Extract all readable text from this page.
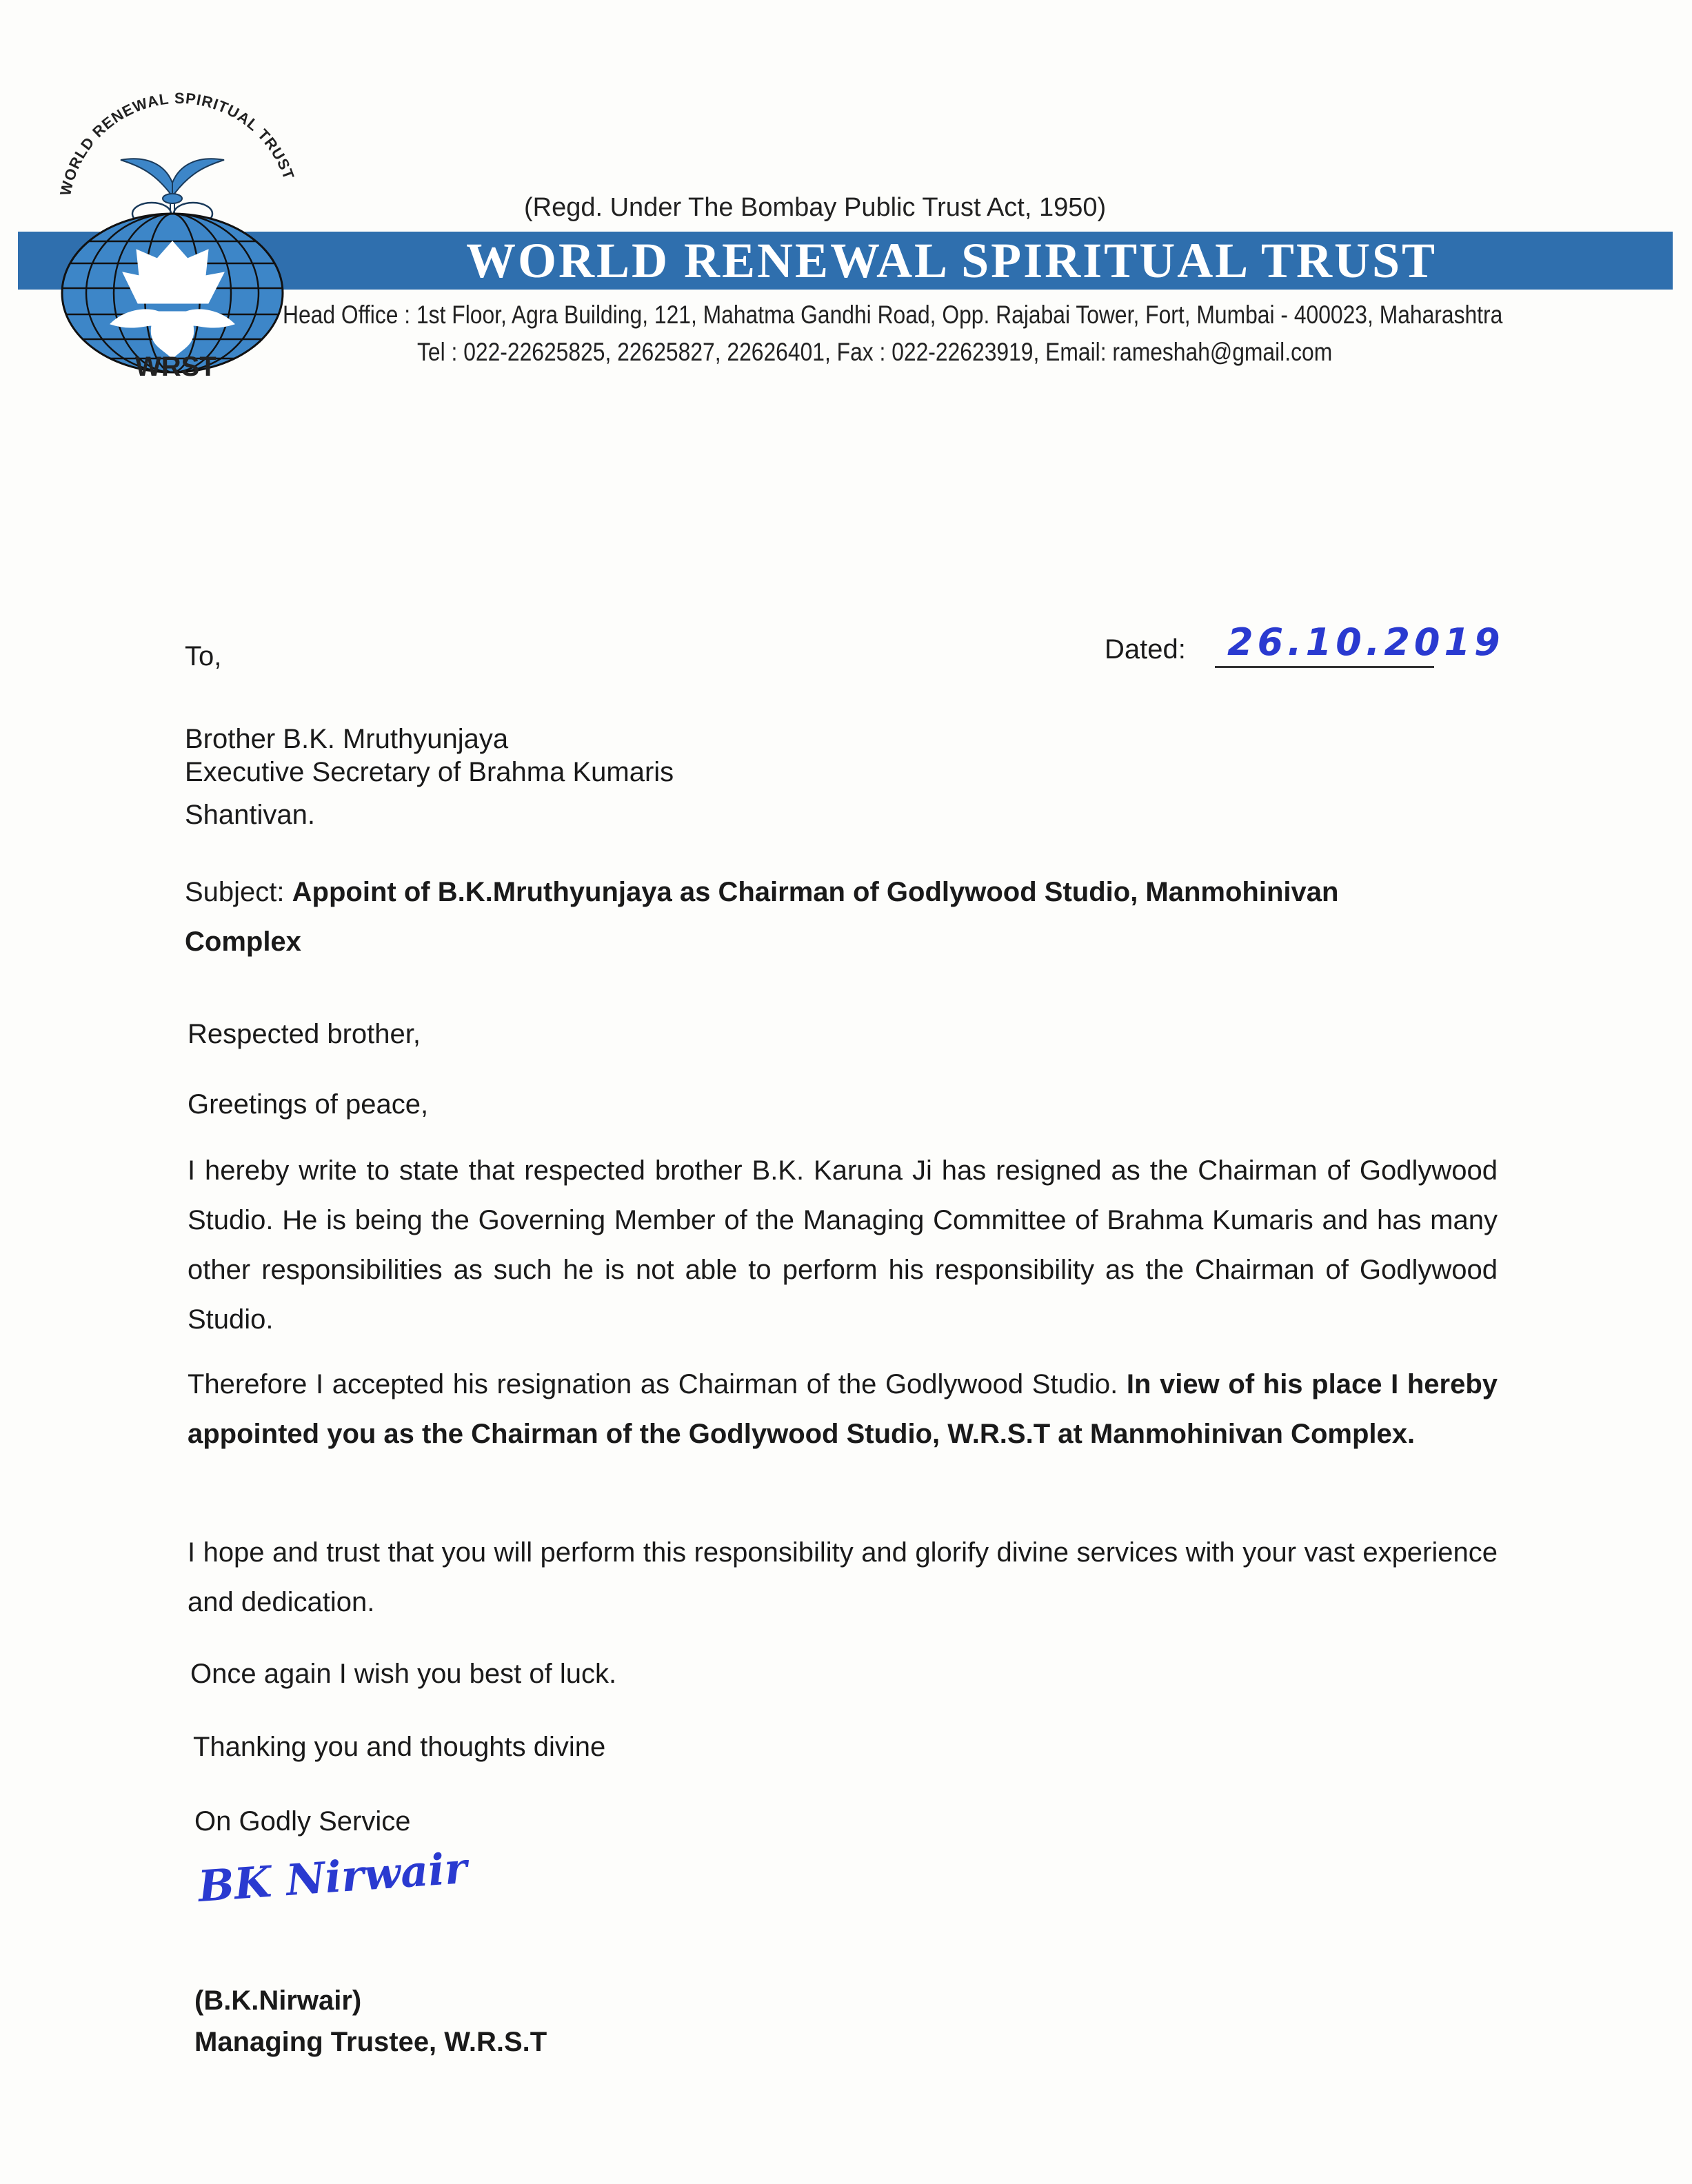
WORLD RENEWAL SPIRITUAL TRUST
WRST
(Regd. Under The Bombay Public Trust Act, 1950)
WORLD RENEWAL SPIRITUAL TRUST
Head Office : 1st Floor, Agra Building, 121, Mahatma Gandhi Road, Opp. Rajabai Tower, Fort, Mumbai - 400023, Maharashtra
Tel : 022-22625825, 22625827, 22626401, Fax : 022-22623919, Email: rameshah@gmail.com
To,	Dated: 26.10.2019
Brother B.K. Mruthyunjaya
Executive Secretary of Brahma Kumaris
Shantivan.
Subject: Appoint of B.K.Mruthyunjaya as Chairman of Godlywood Studio, Manmohinivan
Complex
Respected brother,
Greetings of peace,
I hereby write to state that respected brother B.K. Karuna Ji has resigned as the Chairman of Godlywood Studio. He is being the Governing Member of the Managing Committee of Brahma Kumaris and has many other responsibilities as such he is not able to perform his responsibility as the Chairman of Godlywood Studio.
Therefore I accepted his resignation as Chairman of the Godlywood Studio. In view of his place I hereby appointed you as the Chairman of the Godlywood Studio, W.R.S.T at Manmohinivan Complex.
I hope and trust that you will perform this responsibility and glorify divine services with your vast experience and dedication.
Once again I wish you best of luck.
Thanking you and thoughts divine
On Godly Service
BK Nirwair
(B.K.Nirwair)
Managing Trustee, W.R.S.T
